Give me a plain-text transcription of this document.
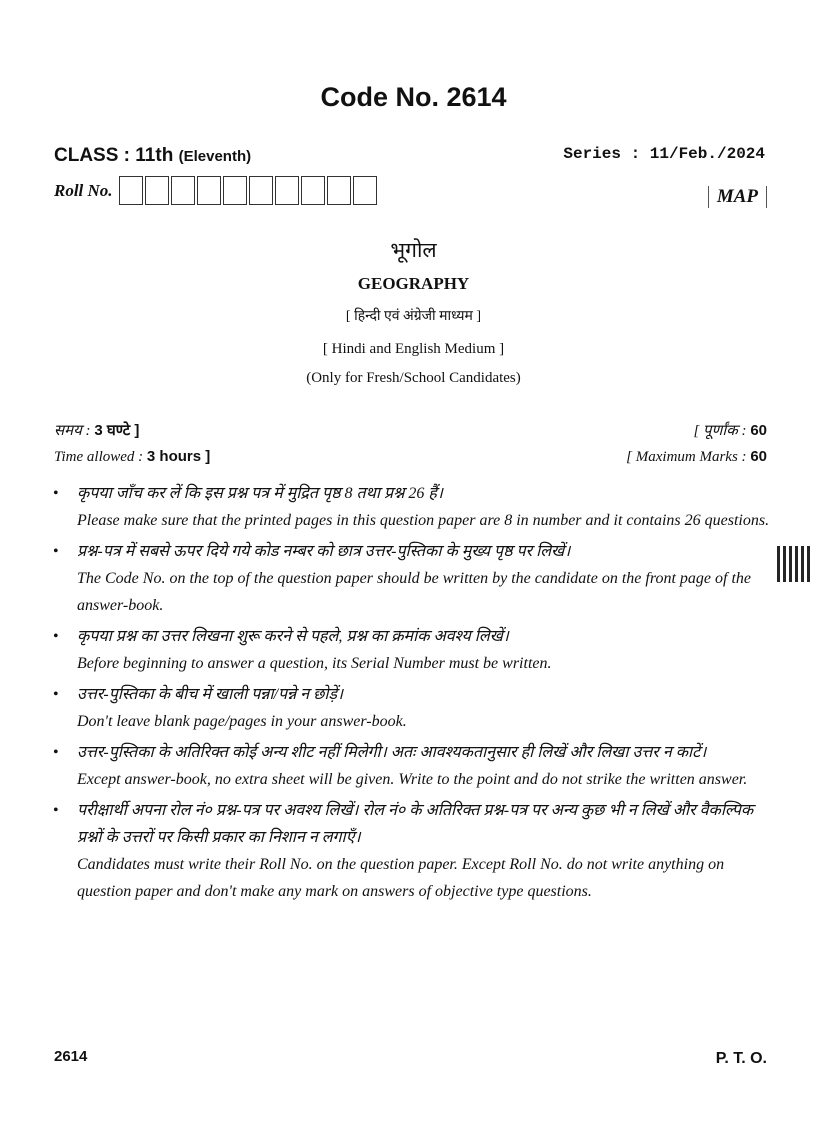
Code No. 2614
CLASS : 11th (Eleventh)	Series : 11/Feb./2024
Roll No.	MAP
भूगोल
GEOGRAPHY
[ हिन्दी एवं अंग्रेजी माध्यम ]
[ Hindi and English Medium ]
(Only for Fresh/School Candidates)
समय : 3 घण्टे ]	[ पूर्णांक : 60
Time allowed : 3 hours ]	[ Maximum Marks : 60
• कृपया जाँच कर लें कि इस प्रश्न पत्र में मुद्रित पृष्ठ 8 तथा प्रश्न 26 हैं।
Please make sure that the printed pages in this question paper are 8 in number and it contains 26 questions.
• प्रश्न-पत्र में सबसे ऊपर दिये गये कोड नम्बर को छात्र उत्तर-पुस्तिका के मुख्य पृष्ठ पर लिखें।
The Code No. on the top of the question paper should be written by the candidate on the front page of the answer-book.
• कृपया प्रश्न का उत्तर लिखना शुरू करने से पहले, प्रश्न का क्रमांक अवश्य लिखें।
Before beginning to answer a question, its Serial Number must be written.
• उत्तर-पुस्तिका के बीच में खाली पन्ना/पन्ने न छोड़ें।
Don't leave blank page/pages in your answer-book.
• उत्तर-पुस्तिका के अतिरिक्त कोई अन्य शीट नहीं मिलेगी। अतः आवश्यकतानुसार ही लिखें और लिखा उत्तर न काटें।
Except answer-book, no extra sheet will be given. Write to the point and do not strike the written answer.
• परीक्षार्थी अपना रोल नं० प्रश्न-पत्र पर अवश्य लिखें। रोल नं० के अतिरिक्त प्रश्न-पत्र पर अन्य कुछ भी न लिखें और वैकल्पिक प्रश्नों के उत्तरों पर किसी प्रकार का निशान न लगाएँ।
Candidates must write their Roll No. on the question paper. Except Roll No. do not write anything on question paper and don't make any mark on answers of objective type questions.
2614	P. T. O.
